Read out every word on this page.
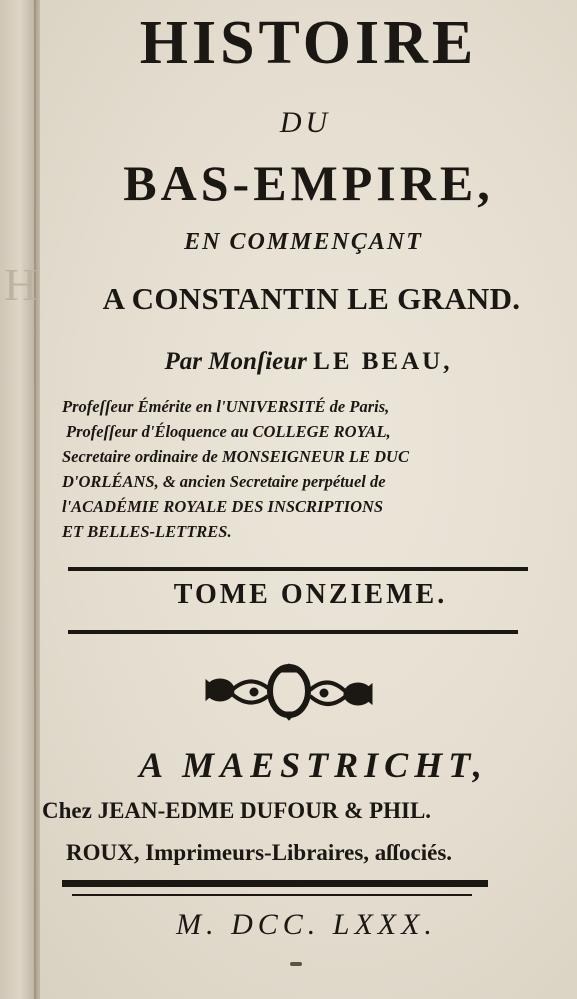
H
HISTOIRE
DU
BAS-EMPIRE,
EN COMMENÇANT
A CONSTANTIN LE GRAND.
Par Monſieur LE BEAU,
Profeſſeur Émérite en l'UNIVERSITÉ de Paris,
Profeſſeur d'Éloquence au COLLEGE ROYAL,
Secretaire ordinaire de MONSEIGNEUR LE DUC
D'ORLÉANS, & ancien Secretaire perpétuel de
l'ACADÉMIE ROYALE DES INSCRIPTIONS
ET BELLES-LETTRES.
TOME ONZIEME.
A MAESTRICHT,
Chez JEAN-EDME DUFOUR & PHIL.
ROUX, Imprimeurs-Libraires, aſſociés.
M. DCC. LXXX.
